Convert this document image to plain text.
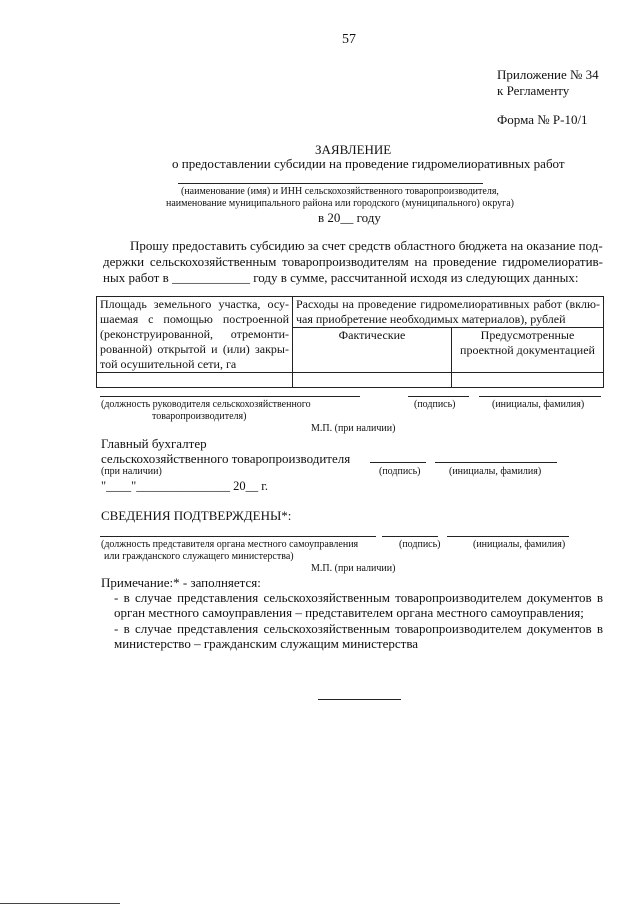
57
Приложение № 34
к Регламенту
Форма № Р-10/1
ЗАЯВЛЕНИЕ
о предоставлении субсидии на проведение гидромелиоративных работ
(наименование (имя) и ИНН сельскохозяйственного товаропроизводителя,
наименование муниципального района или городского (муниципального) округа)
в 20__ году
Прошу предоставить субсидию за счет средств областного бюджета на оказание под-
держки сельскохозяйственным товаропроизводителям на проведение гидромелиоратив-
ных работ в ____________ году в сумме, рассчитанной исходя из следующих данных:
Площадь земельного участка, осу-
шаемая с помощью построенной
(реконструированной, отремонти-
рованной) открытой и (или) закры-
той осушительной сети, га	Расходы на проведение гидромелиоративных работ (вклю-
чая приобретение необходимых материалов), рублей	

	Фактические	Предусмотренные
проектной документацией

(должность руководителя сельскохозяйственного
товаропроизводителя)
(подпись)	(инициалы, фамилия)
М.П. (при наличии)
Главный бухгалтер
сельскохозяйственного товаропроизводителя
(при наличии)	(подпись)	(инициалы, фамилия)
"____"_______________ 20__ г.
СВЕДЕНИЯ ПОДТВЕРЖДЕНЫ*:
(должность представителя органа местного самоуправления
или гражданского служащего министерства)
(подпись)	(инициалы, фамилия)
М.П. (при наличии)
Примечание:* - заполняется:
- в случае представления сельскохозяйственным товаропроизводителем документов в
орган местного самоуправления – представителем органа местного самоуправления;
- в случае представления сельскохозяйственным товаропроизводителем документов в
министерство – гражданским служащим министерства
